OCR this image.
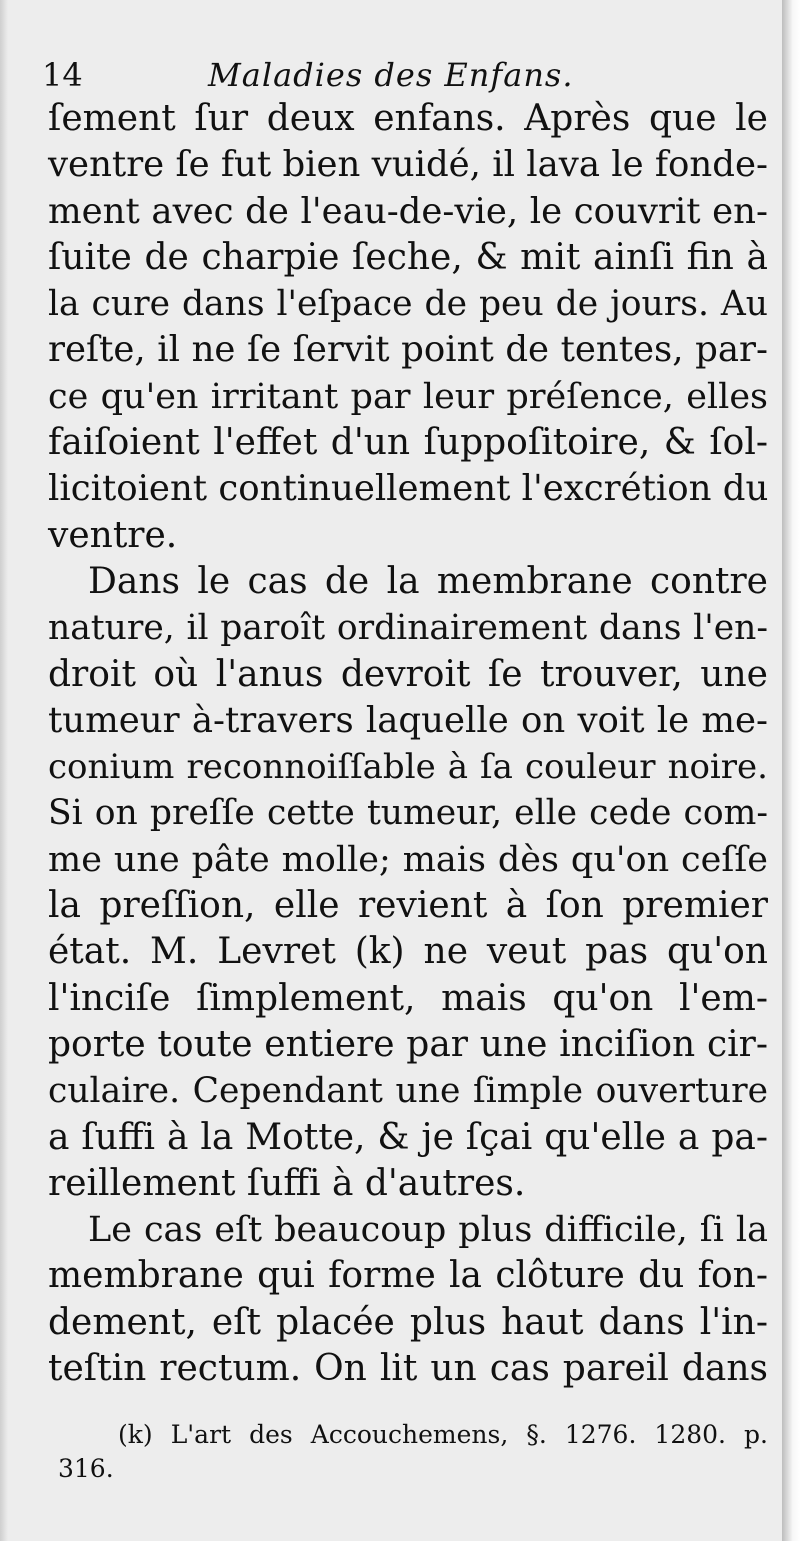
14	Maladies des Enfans.
ſement ſur deux enfans. Après que le
ventre ſe fut bien vuidé, il lava le fonde-
ment avec de l'eau-de-vie, le couvrit en-
ſuite de charpie ſeche, & mit ainſi fin à
la cure dans l'eſpace de peu de jours. Au
reſte, il ne ſe ſervit point de tentes, par-
ce qu'en irritant par leur préſence, elles
faiſoient l'effet d'un ſuppoſitoire, & ſol-
licitoient continuellement l'excrétion du
ventre.
Dans le cas de la membrane contre
nature, il paroît ordinairement dans l'en-
droit où l'anus devroit ſe trouver, une
tumeur à-travers laquelle on voit le me-
conium reconnoiſſable à ſa couleur noire.
Si on preſſe cette tumeur, elle cede com-
me une pâte molle; mais dès qu'on ceſſe
la preſſion, elle revient à ſon premier
état. M. Levret (k) ne veut pas qu'on
l'inciſe ſimplement, mais qu'on l'em-
porte toute entiere par une inciſion cir-
culaire. Cependant une ſimple ouverture
a ſuffi à la Motte, & je ſçai qu'elle a pa-
reillement ſuffi à d'autres.
Le cas eſt beaucoup plus difficile, ſi la
membrane qui forme la clôture du fon-
dement, eſt placée plus haut dans l'in-
teſtin rectum. On lit un cas pareil dans
(k) L'art des Accouchemens, §. 1276. 1280. p.
316.
